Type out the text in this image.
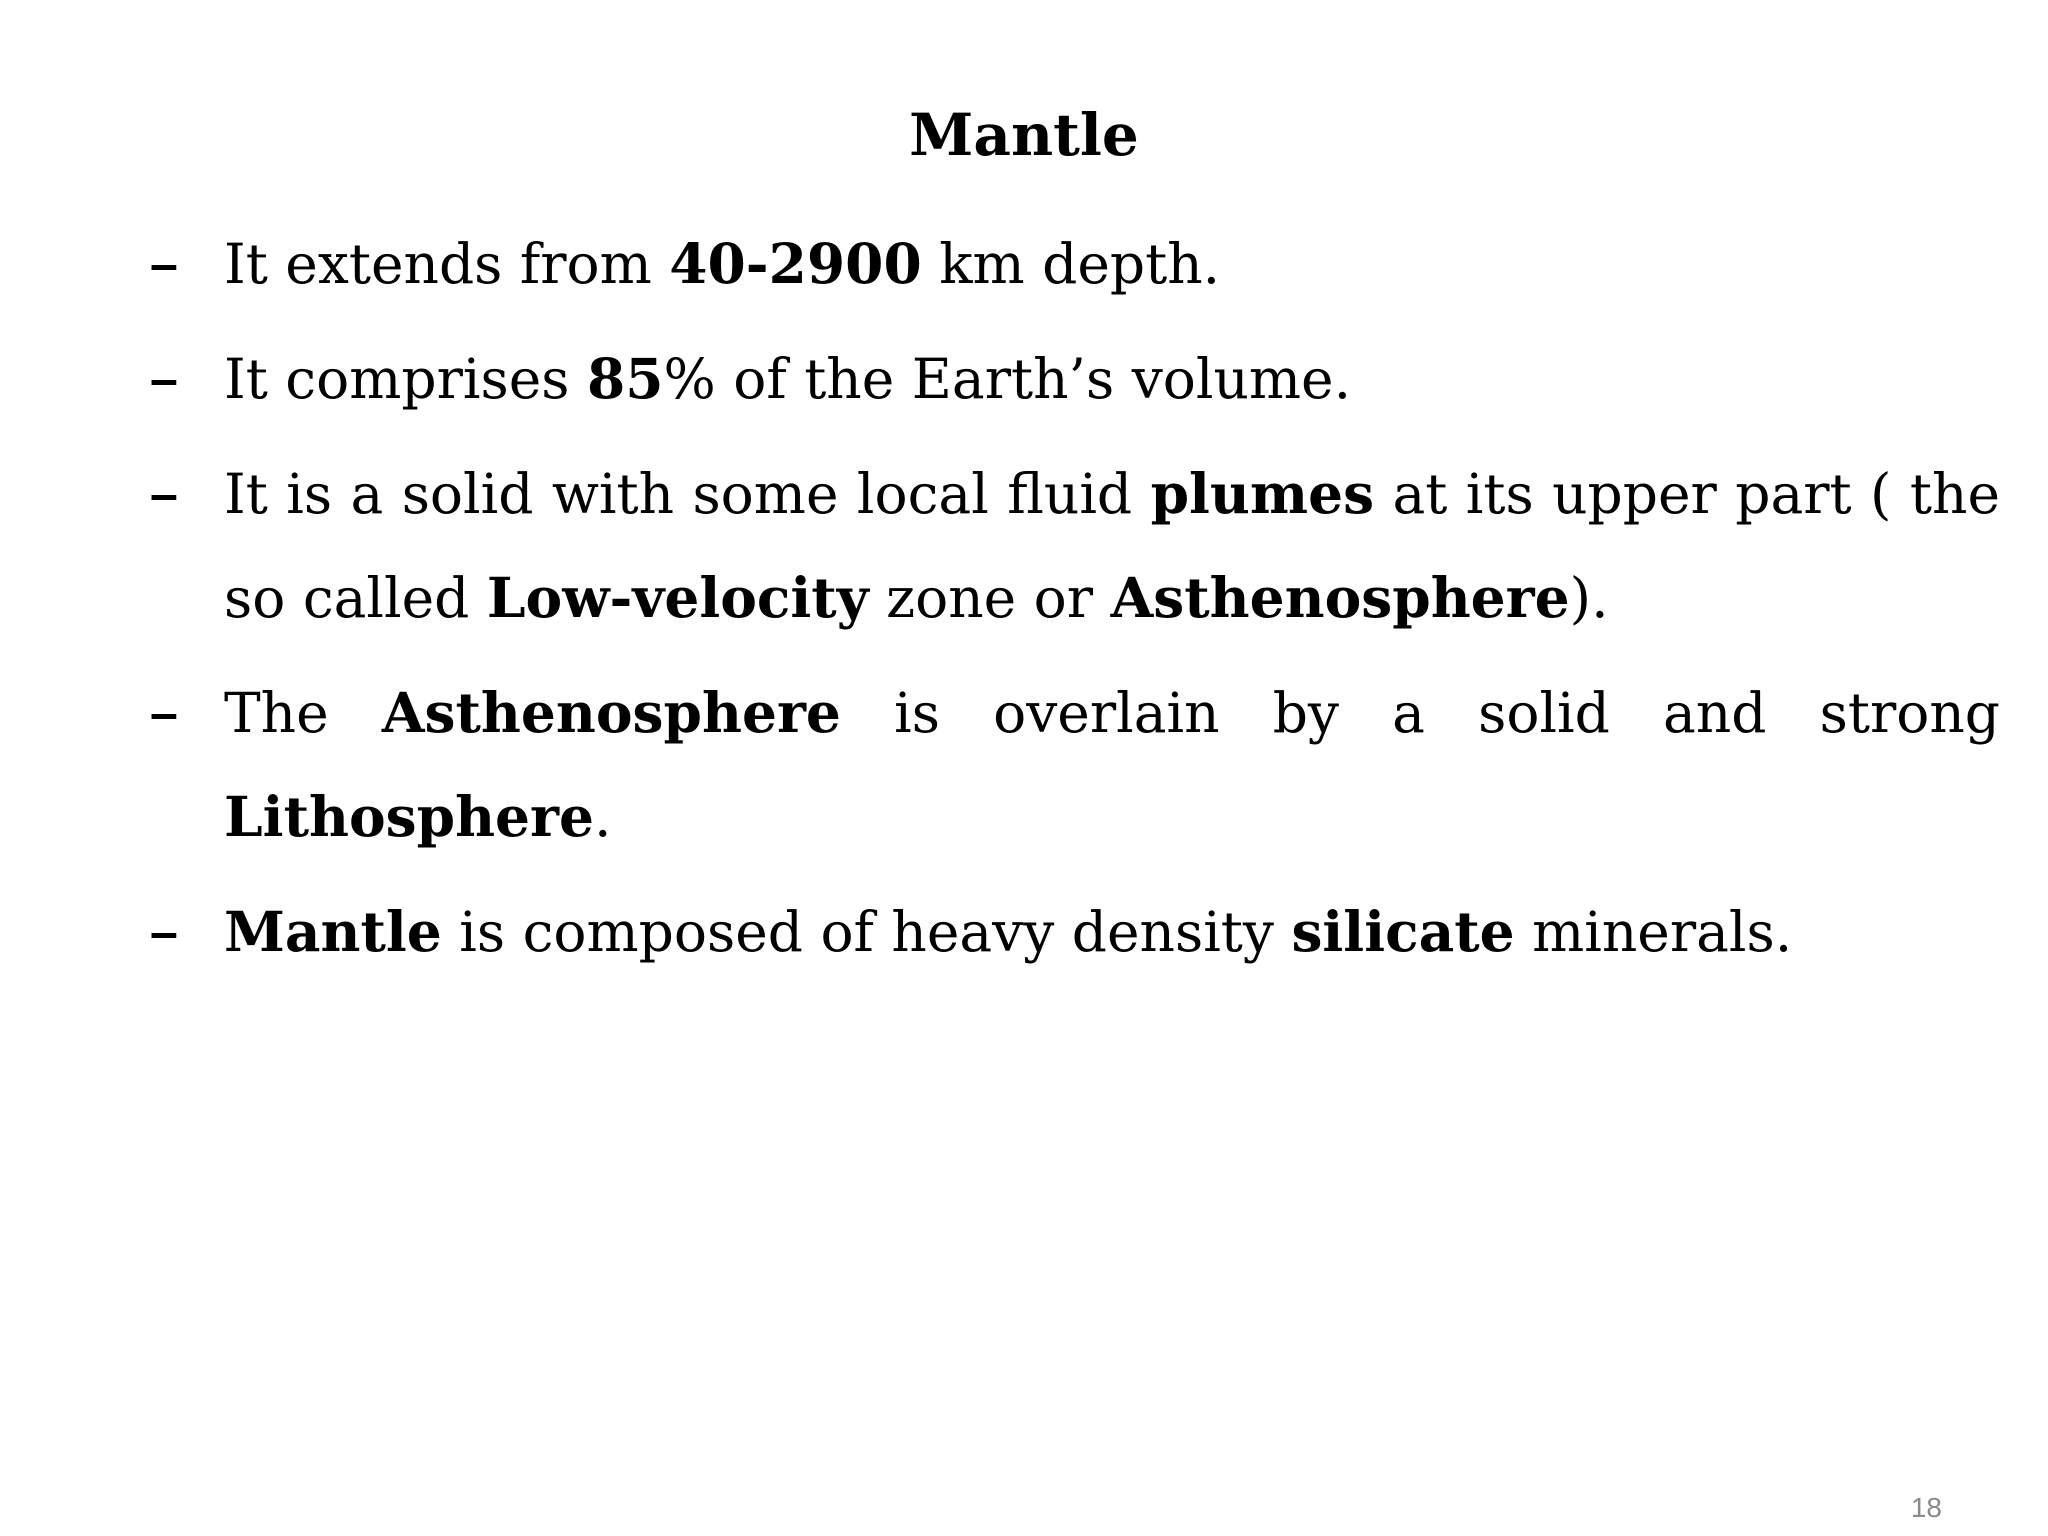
Mantle
– It extends from 40-2900 km depth.
– It comprises 85% of the Earth’s volume.
– It is a solid with some local fluid plumes at its upper part ( the
so called Low-velocity zone or Asthenosphere).
– The Asthenosphere is overlain by a solid and strong
Lithosphere.
– Mantle is composed of heavy density silicate minerals.
18
